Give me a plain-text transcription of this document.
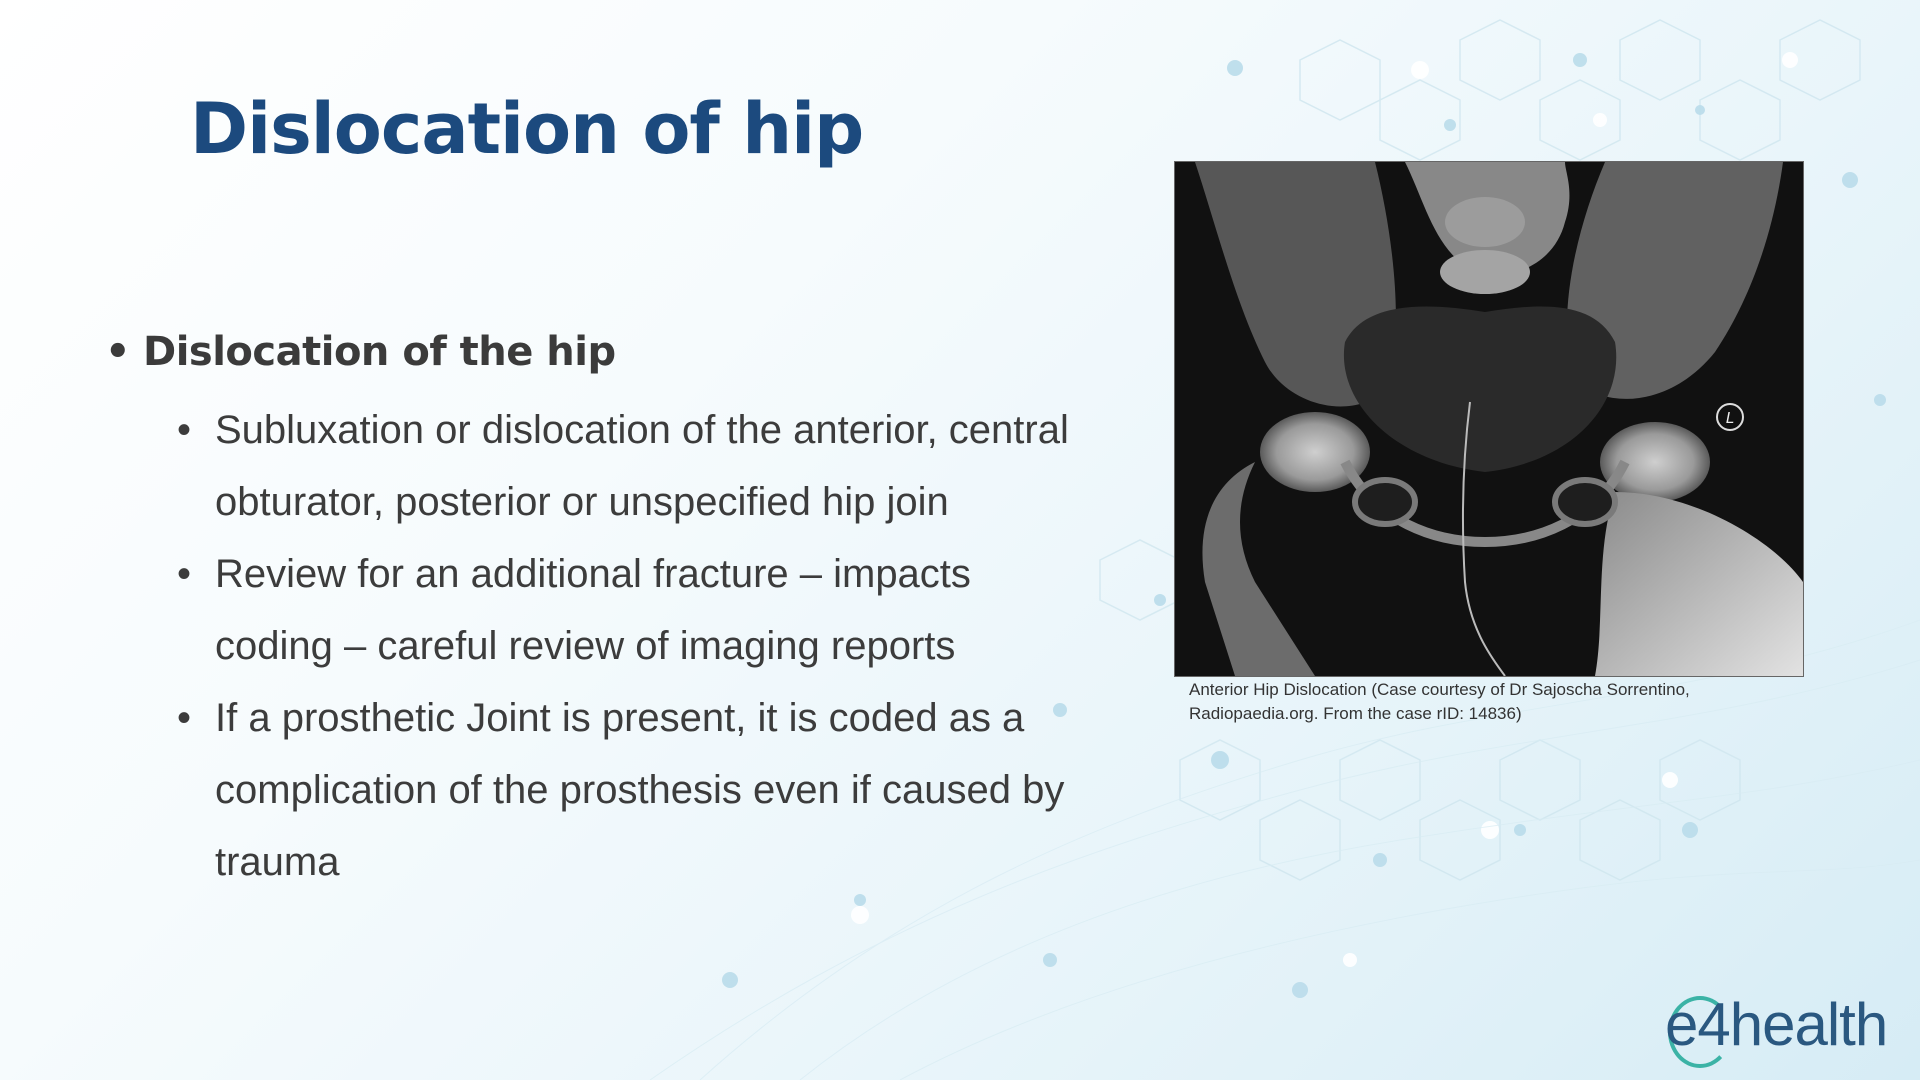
Dislocation of hip
• Dislocation of the hip
• Subluxation or dislocation of the anterior, central obturator, posterior or unspecified hip join
• Review for an additional fracture – impacts coding – careful review of imaging reports
• If a prosthetic Joint is present, it is coded as a complication of the prosthesis even if caused by trauma
L
Anterior Hip Dislocation (Case courtesy of Dr Sajoscha Sorrentino,
Radiopaedia.org. From the case rID: 14836)
e4health
